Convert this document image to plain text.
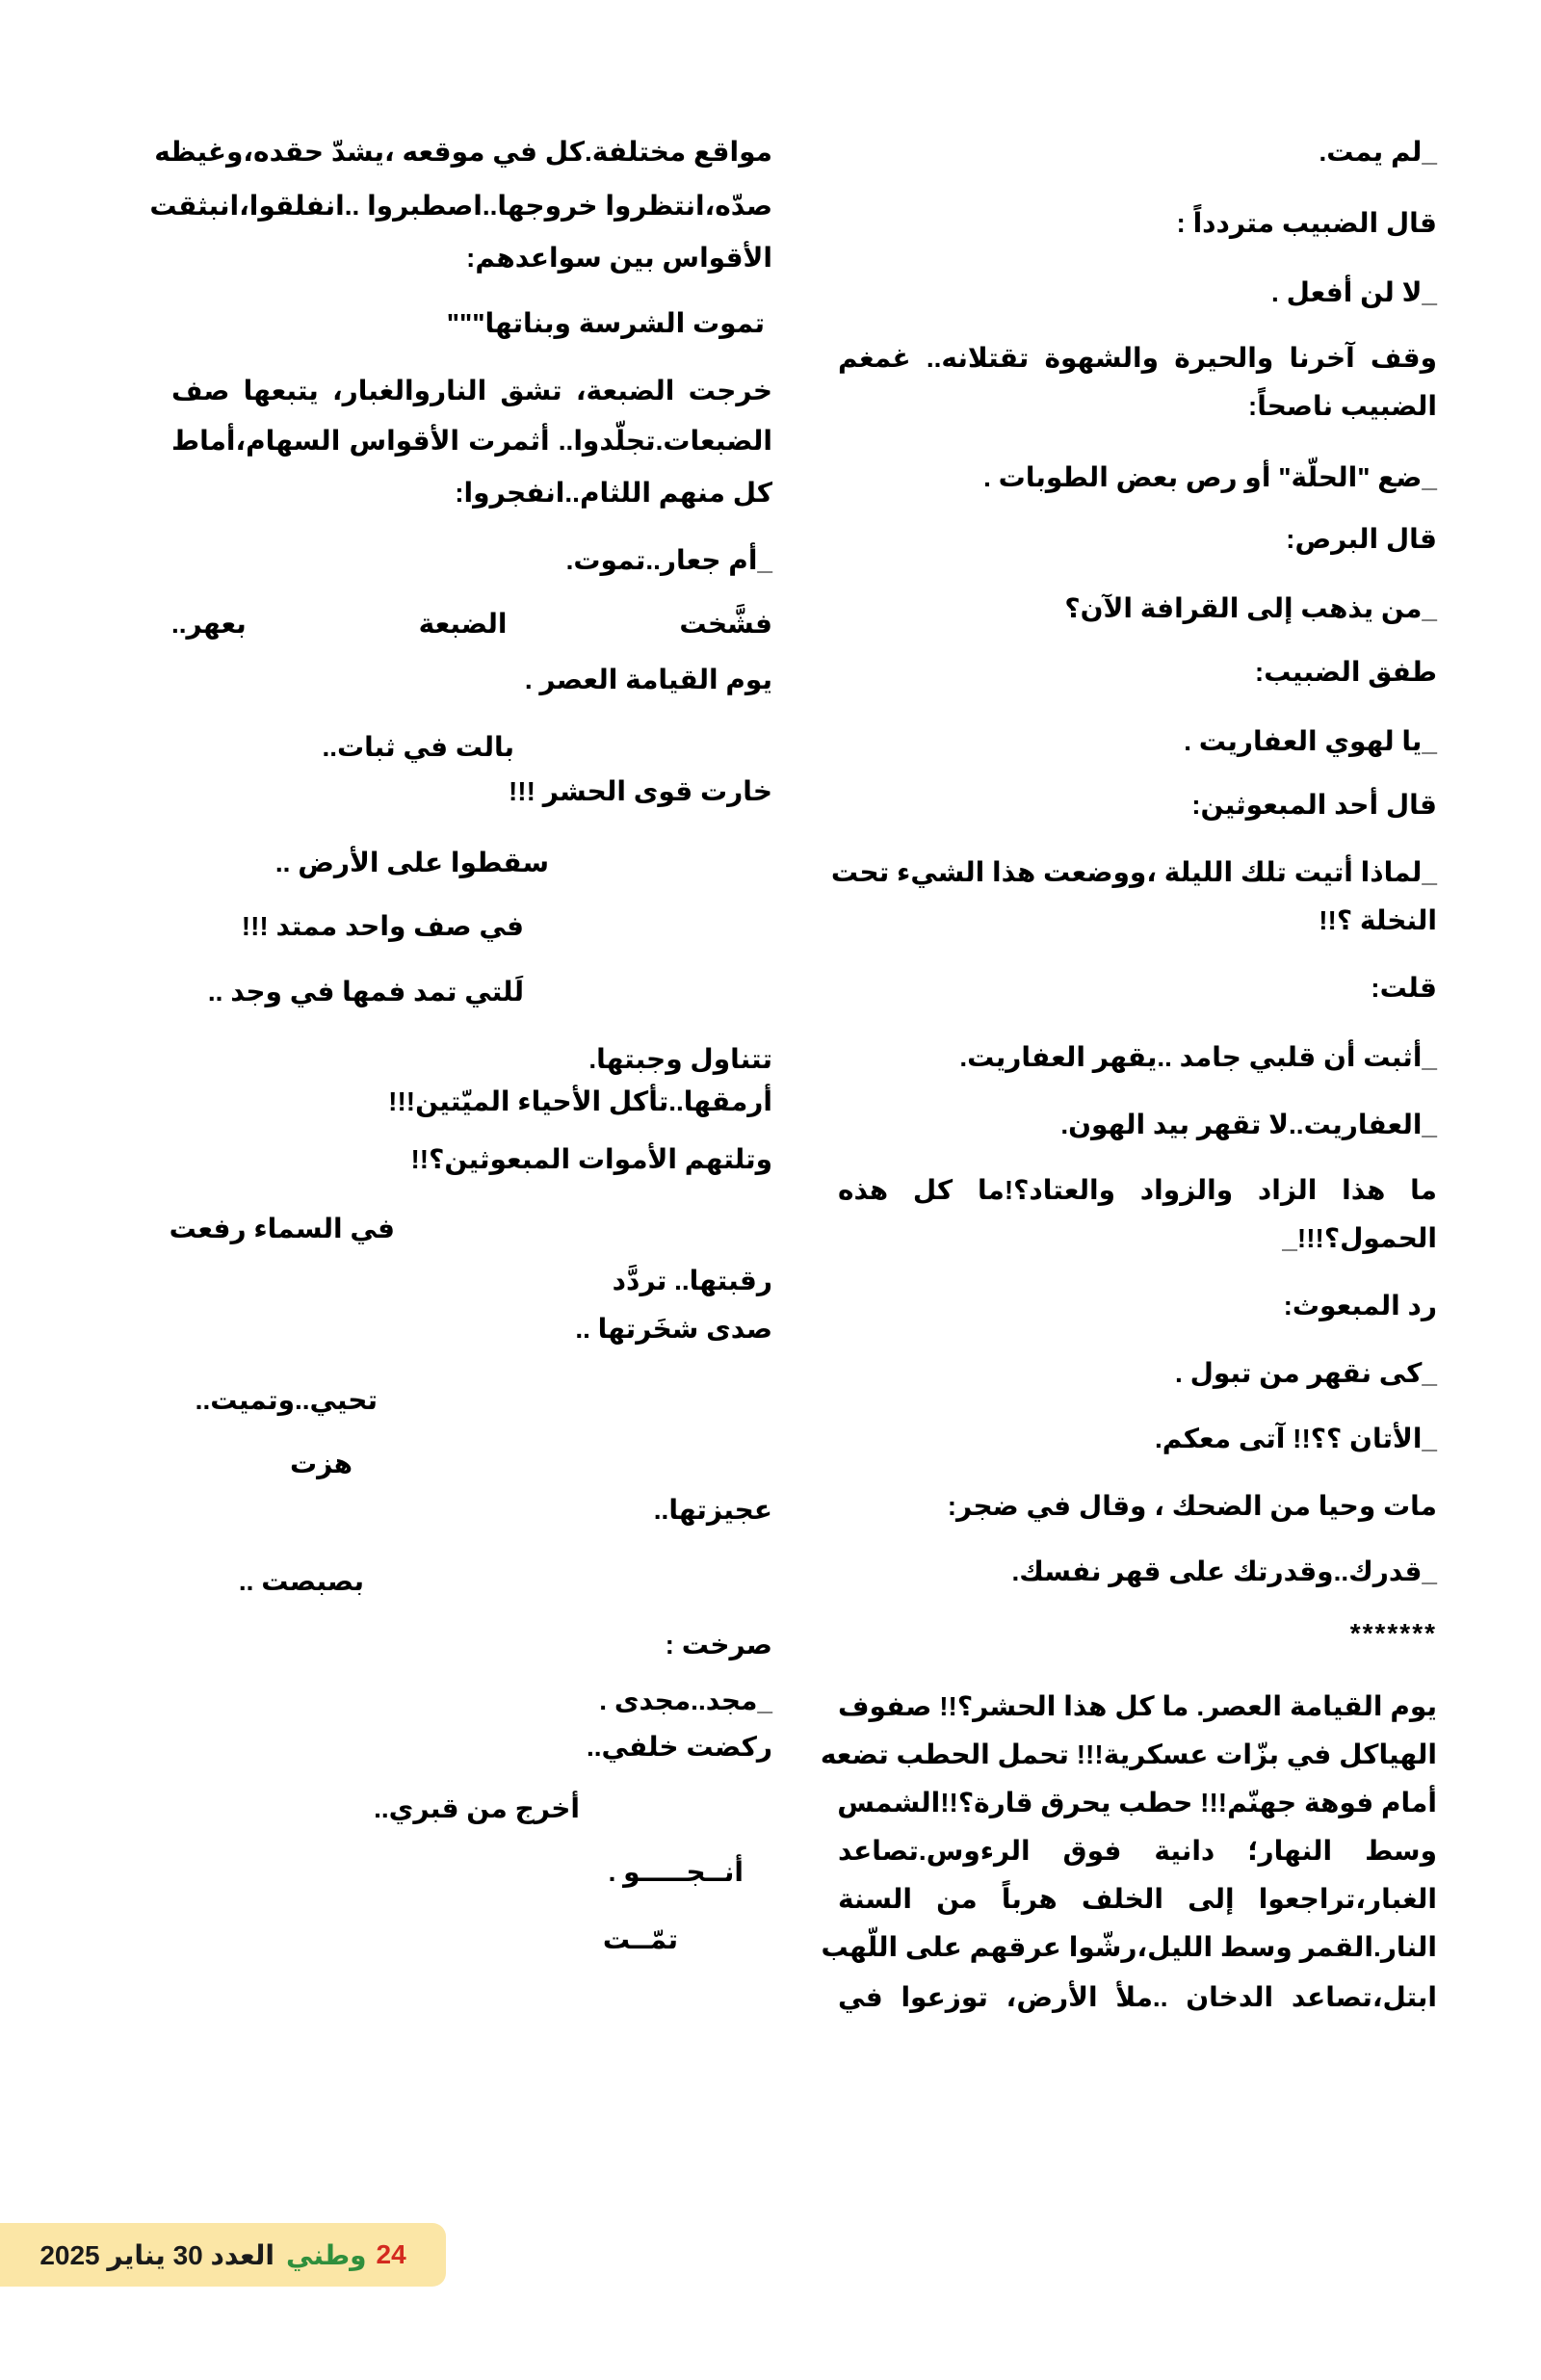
_لم يمت.
قال الضبيب متردداً :
_لا لن أفعل .
وقف آخرنا والحيرة والشهوة تقتلانه.. غمغم
الضبيب ناصحاً:
_ضع "الحلّة" أو رص بعض الطوبات .
قال البرص:
_من يذهب إلى القرافة الآن؟
طفق الضبيب:
_يا لهوي العفاريت .
قال أحد المبعوثين:
_لماذا أتيت تلك الليلة ،ووضعت هذا الشيء تحت
النخلة ؟!!
قلت:
_أثبت أن قلبي جامد ..يقهر العفاريت.
_العفاريت..لا تقهر بيد الهون.
ما هذا الزاد والزواد والعتاد؟!ما كل هذه
الحمول؟!!!_
رد المبعوث:
_كى نقهر من تبول .
_الأتان ؟؟!! آتى معكم.
مات وحيا من الضحك ، وقال في ضجر:
_قدرك..وقدرتك على قهر نفسك.
*******
يوم القيامة العصر. ما كل هذا الحشر؟!! صفوف
الهياكل في بزّات عسكرية!!! تحمل الحطب تضعه
أمام فوهة جهنّم!!! حطب يحرق قارة؟!!الشمس
وسط النهار؛ دانية فوق الرءوس.تصاعد
الغبار،تراجعوا إلى الخلف هرباً من السنة
النار.القمر وسط الليل،رشّوا عرقهم على اللّهب
ابتل،تصاعد الدخان ..ملأ الأرض، توزعوا في
مواقع مختلفة.كل في موقعه ،يشدّ حقده،وغيظه
صدّه،انتظروا خروجها..اصطبروا ..انفلقوا،انبثقت
الأقواس بين سواعدهم:
تموت الشرسة وبناتها"""
خرجت الضبعة، تشق الناروالغبار، يتبعها صف
الضبعات.تجلّدوا.. أثمرت الأقواس السهام،أماط
كل منهم اللثام..انفجروا:
_أم جعار..تموت.
فشَّخت الضبعة بعهر..
يوم القيامة العصر .
بالت في ثبات..
خارت قوى الحشر !!!
سقطوا على الأرض ..
في صف واحد ممتد !!!
لَلتي تمد فمها في وجد ..
تتناول وجبتها.
أرمقها..تأكل الأحياء الميّتين!!!
وتلتهم الأموات المبعوثين؟!!
في السماء رفعت
رقبتها.. تردَّد
صدى شخَرتها ..
تحيي..وتميت..
هزت
عجيزتها..
بصبصت ..
صرخت :
_مجد..مجدى .
ركضت خلفي..
أخرج من قبري..
أنــجـــــو .
تمّــت
24
وطني
العدد 30 يناير 2025
